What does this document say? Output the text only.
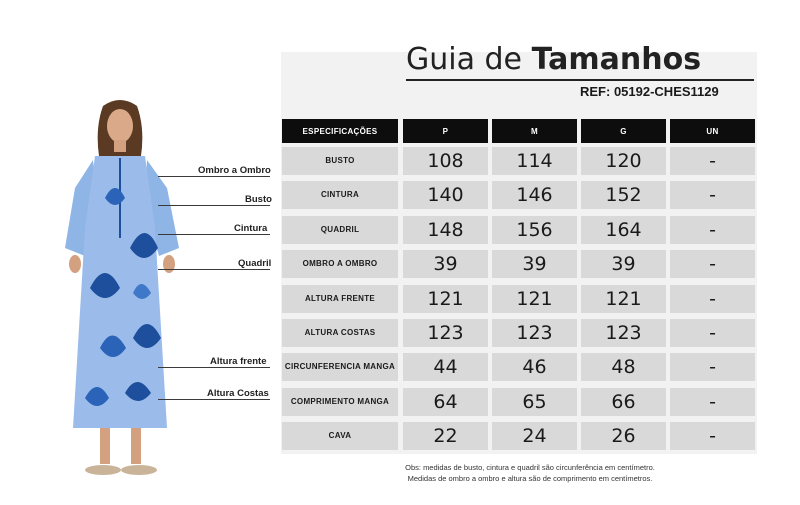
Ombro a Ombro
Busto
Cintura
Quadril
Altura frente
Altura Costas
Guia de Tamanhos
REF: 05192-CHES1129
ESPECIFICAÇÕES	P	M	G	UN
BUSTO	108	114	120	-
CINTURA	140	146	152	-
QUADRIL	148	156	164	-
OMBRO A OMBRO	39	39	39	-
ALTURA FRENTE	121	121	121	-
ALTURA COSTAS	123	123	123	-
CIRCUNFERENCIA MANGA	44	46	48	-
COMPRIMENTO MANGA	64	65	66	-
CAVA	22	24	26	-
Obs: medidas de busto, cintura e quadril são circunferência em centímetro.
Medidas de ombro a ombro e altura são de comprimento em centímetros.
